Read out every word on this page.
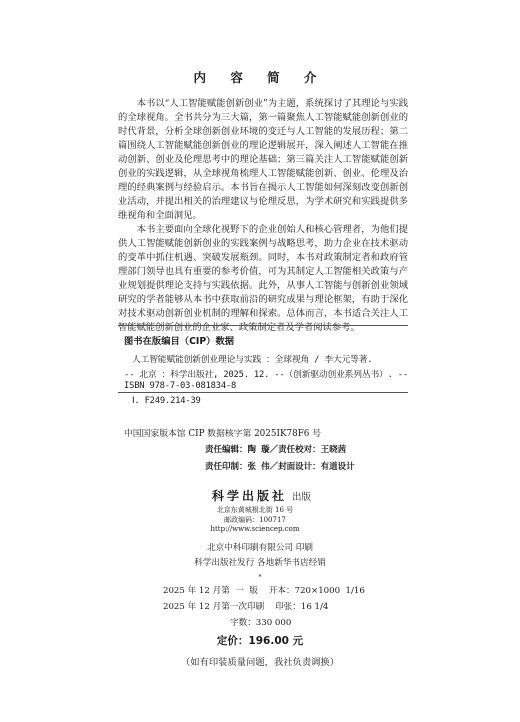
内 容 简 介

本书以“人工智能赋能创新创业”为主题，系统探讨了其理论与实践的全球视角。全书共分为三大篇，第一篇聚焦人工智能赋能创新创业的时代背景，分析全球创新创业环境的变迁与人工智能的发展历程；第二篇围绕人工智能赋能创新创业的理论逻辑展开，深入阐述人工智能在推动创新、创业及伦理思考中的理论基础；第三篇关注人工智能赋能创新创业的实践逻辑，从全球视角梳理人工智能赋能创新、创业、伦理及治理的经典案例与经验启示。本书旨在揭示人工智能如何深刻改变创新创业活动，并提出相关的治理建议与伦理反思，为学术研究和实践提供多维视角和全面洞见。

本书主要面向全球化视野下的企业创始人和核心管理者，为他们提供人工智能赋能创新创业的实践案例与战略思考，助力企业在技术驱动的变革中抓住机遇、突破发展瓶颈。同时，本书对政策制定者和政府管理部门领导也具有重要的参考价值，可为其制定人工智能相关政策与产业规划提供理论支持与实践依据。此外，从事人工智能与创新创业领域研究的学者能够从本书中获取前沿的研究成果与理论框架，有助于深化对技术驱动创新创业机制的理解和探索。总体而言，本书适合关注人工智能赋能创新创业的企业家、政策制定者及学者阅读参考。

图书在版编目（CIP）数据
人工智能赋能创新创业理论与实践 ：全球视角 / 李大元等著.
-- 北京 ：科学出版社, 2025. 12. --（创新驱动创业系列丛书）. --
ISBN 978-7-03-081834-8
Ⅰ. F249.214-39
中国国家版本馆 CIP 数据核字第 2025IK78F6 号
责任编辑：陶 璇／责任校对：王晓茜
责任印制：张 伟／封面设计：有道设计
科学出版社 出版
北京东黄城根北街 16 号
邮政编码：100717
http://www.sciencep.com
北京中科印刷有限公司 印刷
科学出版社发行 各地新华书店经销
*
2025 年 12 月第  一  版    开本：720×1000  1/16
2025 年 12 月第一次印刷    印张：16 1/4
字数：330 000
定价：196.00 元
（如有印装质量问题，我社负责调换）
